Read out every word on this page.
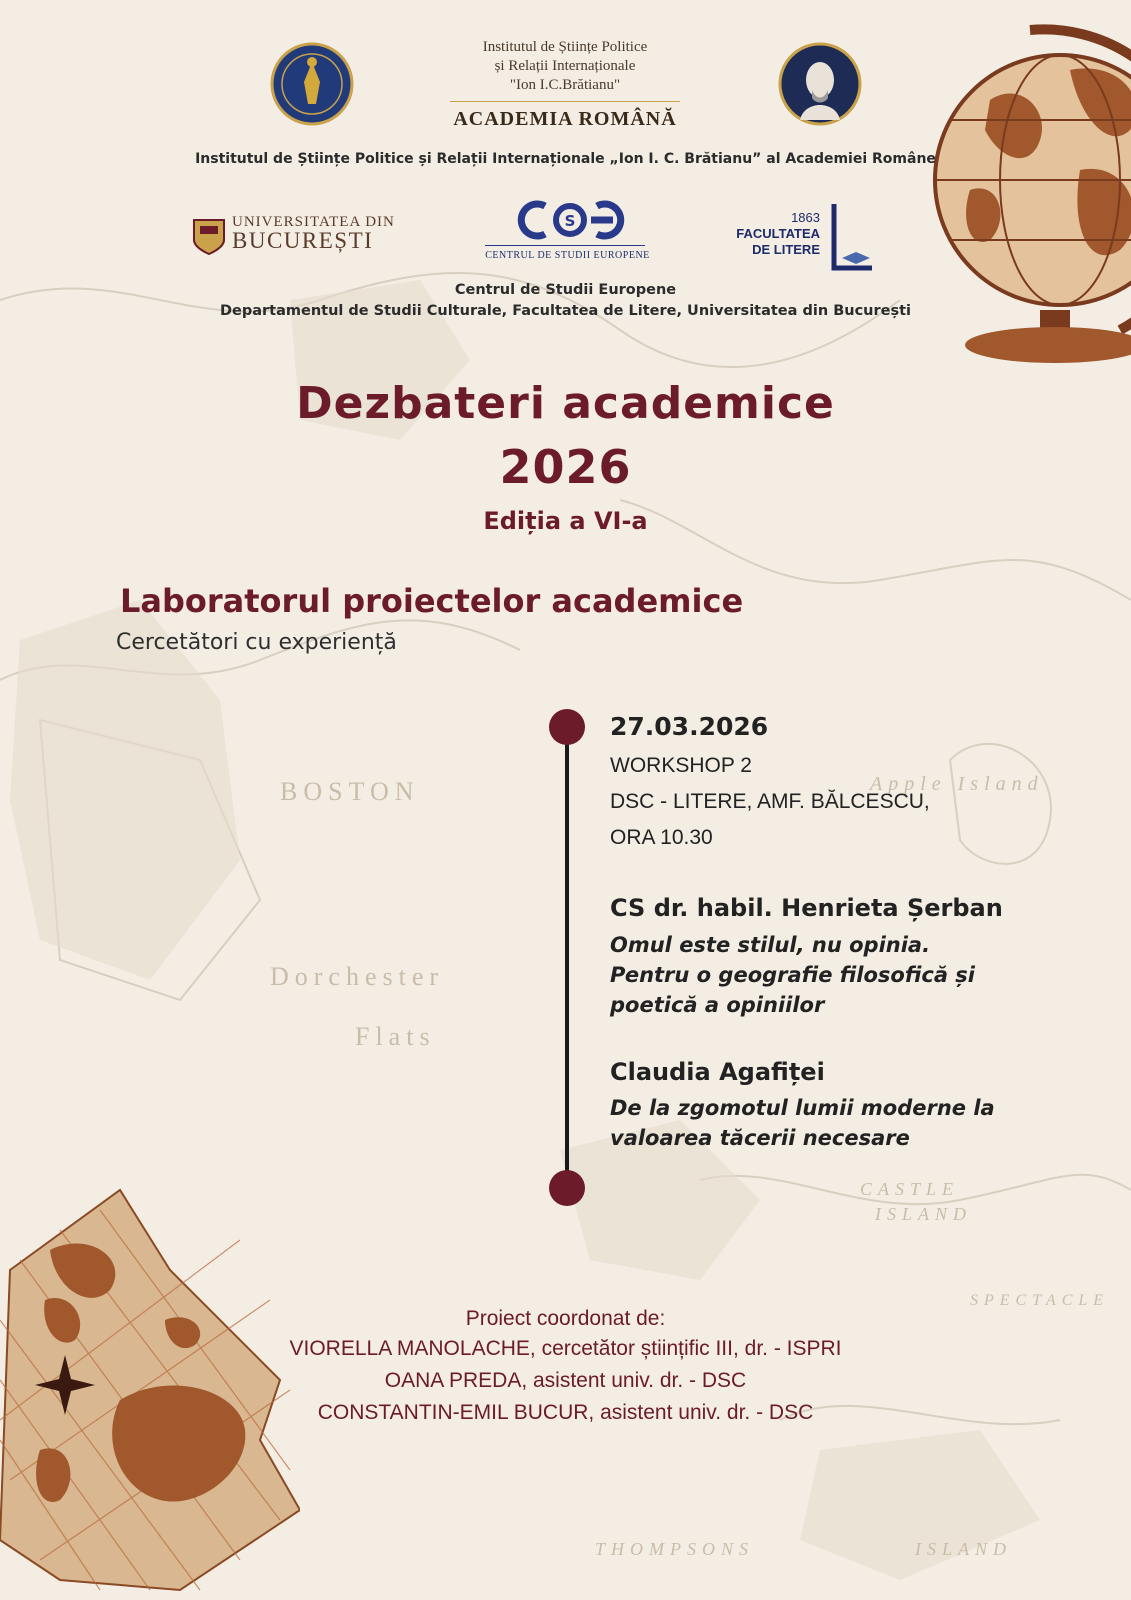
BOSTON
Dorchester
Flats
CASTLE
ISLAND
THOMPSONS	ISLAND
SPECTACLE
Apple Island
Institutul de Științe Politice
și Relații Internaționale
"Ion I.C.Brătianu"
ACADEMIA ROMÂNĂ
Institutul de Științe Politice și Relații Internaționale „Ion I. C. Brătianu” al Academiei Române
UNIVERSITATEA DIN
BUCUREȘTI
S
CENTRUL DE STUDII EUROPENE
1863
FACULTATEA
DE LITERE
Centrul de Studii Europene
Departamentul de Studii Culturale, Facultatea de Litere, Universitatea din București
Dezbateri academice
2026
Ediția a VI-a
Laboratorul proiectelor academice
Cercetători cu experiență
27.03.2026
WORKSHOP 2
DSC - LITERE, AMF. BĂLCESCU,
ORA 10.30
CS dr. habil. Henrieta Șerban
Omul este stilul, nu opinia.
Pentru o geografie filosofică și
poetică a opiniilor
Claudia Agafiței
De la zgomotul lumii moderne la
valoarea tăcerii necesare
Proiect coordonat de:
VIORELLA MANOLACHE, cercetător științific III, dr. - ISPRI
OANA PREDA, asistent univ. dr. - DSC
CONSTANTIN-EMIL BUCUR, asistent univ. dr. - DSC
